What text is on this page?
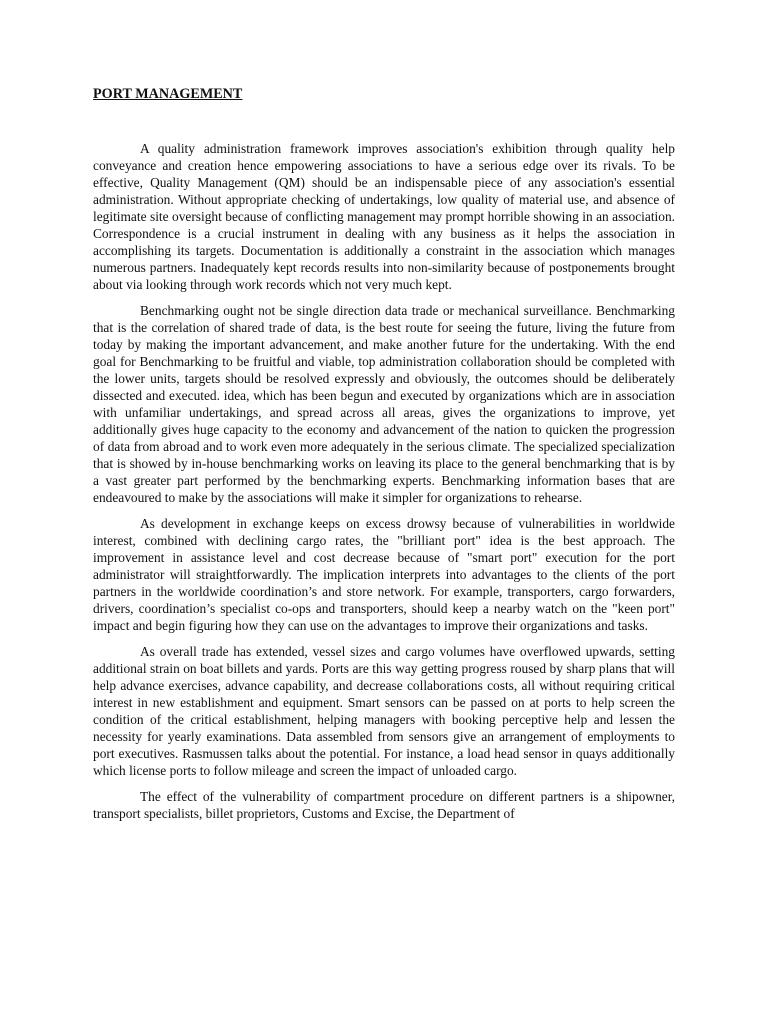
PORT MANAGEMENT

A quality administration framework improves association's exhibition through quality help conveyance and creation hence empowering associations to have a serious edge over its rivals. To be effective, Quality Management (QM) should be an indispensable piece of any association's essential administration. Without appropriate checking of undertakings, low quality of material use, and absence of legitimate site oversight because of conflicting management may prompt horrible showing in an association. Correspondence is a crucial instrument in dealing with any business as it helps the association in accomplishing its targets. Documentation is additionally a constraint in the association which manages numerous partners. Inadequately kept records results into non-similarity because of postponements brought about via looking through work records which not very much kept.

Benchmarking ought not be single direction data trade or mechanical surveillance. Benchmarking that is the correlation of shared trade of data, is the best route for seeing the future, living the future from today by making the important advancement, and make another future for the undertaking. With the end goal for Benchmarking to be fruitful and viable, top administration collaboration should be completed with the lower units, targets should be resolved expressly and obviously, the outcomes should be deliberately dissected and executed. idea, which has been begun and executed by organizations which are in association with unfamiliar undertakings, and spread across all areas, gives the organizations to improve, yet additionally gives huge capacity to the economy and advancement of the nation to quicken the progression of data from abroad and to work even more adequately in the serious climate. The specialized specialization that is showed by in-house benchmarking works on leaving its place to the general benchmarking that is by a vast greater part performed by the benchmarking experts. Benchmarking information bases that are endeavoured to make by the associations will make it simpler for organizations to rehearse.

As development in exchange keeps on excess drowsy because of vulnerabilities in worldwide interest, combined with declining cargo rates, the "brilliant port" idea is the best approach. The improvement in assistance level and cost decrease because of "smart port" execution for the port administrator will straightforwardly. The implication interprets into advantages to the clients of the port partners in the worldwide coordination’s and store network. For example, transporters, cargo forwarders, drivers, coordination’s specialist co-ops and transporters, should keep a nearby watch on the "keen port" impact and begin figuring how they can use on the advantages to improve their organizations and tasks.

As overall trade has extended, vessel sizes and cargo volumes have overflowed upwards, setting additional strain on boat billets and yards. Ports are this way getting progress roused by sharp plans that will help advance exercises, advance capability, and decrease collaborations costs, all without requiring critical interest in new establishment and equipment. Smart sensors can be passed on at ports to help screen the condition of the critical establishment, helping managers with booking perceptive help and lessen the necessity for yearly examinations. Data assembled from sensors give an arrangement of employments to port executives. Rasmussen talks about the potential. For instance, a load head sensor in quays additionally which license ports to follow mileage and screen the impact of unloaded cargo.

The effect of the vulnerability of compartment procedure on different partners is a shipowner, transport specialists, billet proprietors, Customs and Excise, the Department of
